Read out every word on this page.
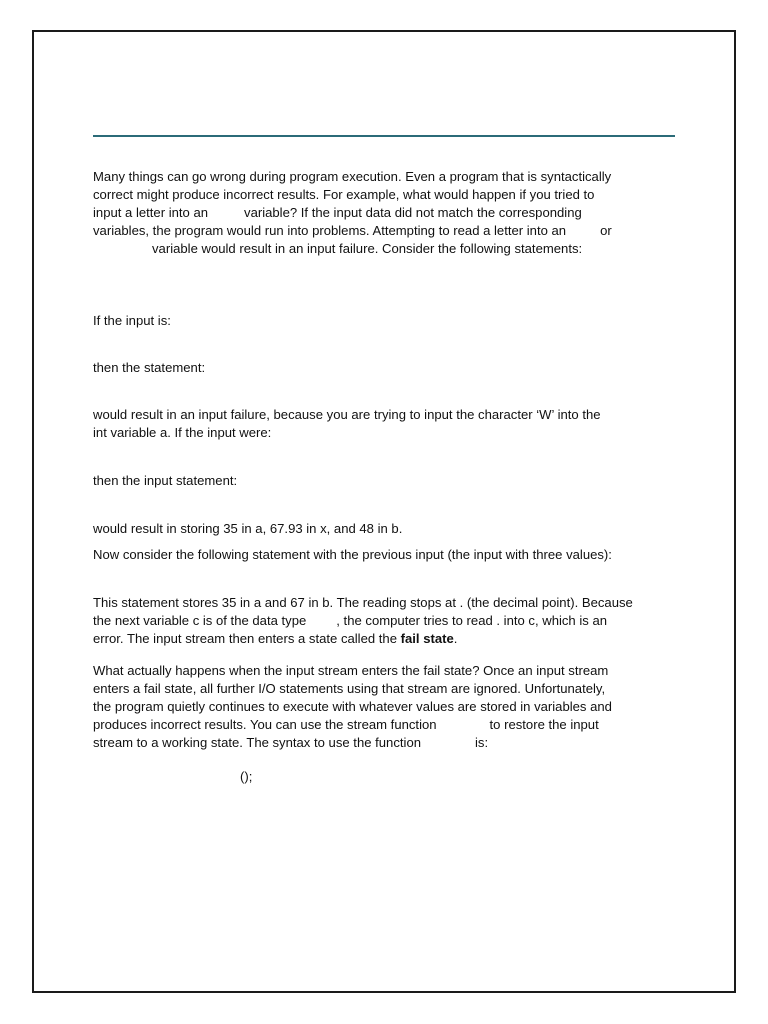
Many things can go wrong during program execution. Even a program that is syntactically
correct might produce incorrect results. For example, what would happen if you tried to
input a letter into an	variable? If the input data did not match the corresponding
variables, the program would run into problems. Attempting to read a letter into an	or
variable would result in an input failure. Consider the following statements:

If the input is:

then the statement:

would result in an input failure, because you are trying to input the character ‘W’ into the
int variable a. If the input were:

then the input statement:

would result in storing 35 in a, 67.93 in x, and 48 in b.

Now consider the following statement with the previous input (the input with three values):

This statement stores 35 in a and 67 in b. The reading stops at . (the decimal point). Because
the next variable c is of the data type , the computer tries to read . into c, which is an
error. The input stream then enters a state called the fail state.
What actually happens when the input stream enters the fail state? Once an input stream
enters a fail state, all further I/O statements using that stream are ignored. Unfortunately,
the program quietly continues to execute with whatever values are stored in variables and
produces incorrect results. You can use the stream function	to restore the input
stream to a working state. The syntax to use the function	is:

();
